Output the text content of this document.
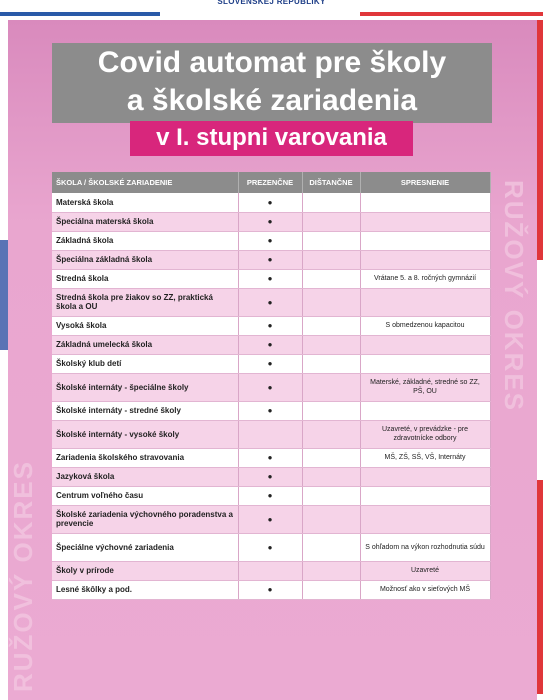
SLOVENSKEJ REPUBLIKY
RUŽOVÝ OKRES
RUŽOVÝ OKRES
Covid automat pre školy
a školské zariadenia
v I. stupni varovania
ŠKOLA / ŠKOLSKÉ ZARIADENIE	PREZENČNE	DIŠTANČNE	SPRESNENIE
Materská škola	●		
Špeciálna materská škola	●		
Základná škola	●		
Špeciálna základná škola	●		
Stredná škola	●		Vrátane 5. a 8. ročných gymnázií
Stredná škola pre žiakov so ZZ, praktická škola a OU	●		
Vysoká škola	●		S obmedzenou kapacitou
Základná umelecká škola	●		
Školský klub detí	●		
Školské internáty - špeciálne školy	●		Materské, základné, stredné so ZZ, PŠ, OU
Školské internáty - stredné školy	●		
Školské internáty - vysoké školy			Uzavreté, v prevádzke - pre zdravotnícke odbory
Zariadenia školského stravovania	●		MŠ, ZŠ, SŠ, VŠ, Internáty
Jazyková škola	●		
Centrum voľného času	●		
Školské zariadenia výchovného poradenstva a prevencie	●		
Špeciálne výchovné zariadenia	●		S ohľadom na výkon rozhodnutia súdu
Školy v prírode			Uzavreté
Lesné škôlky a pod.	●		Možnosť ako v sieťových MŠ
